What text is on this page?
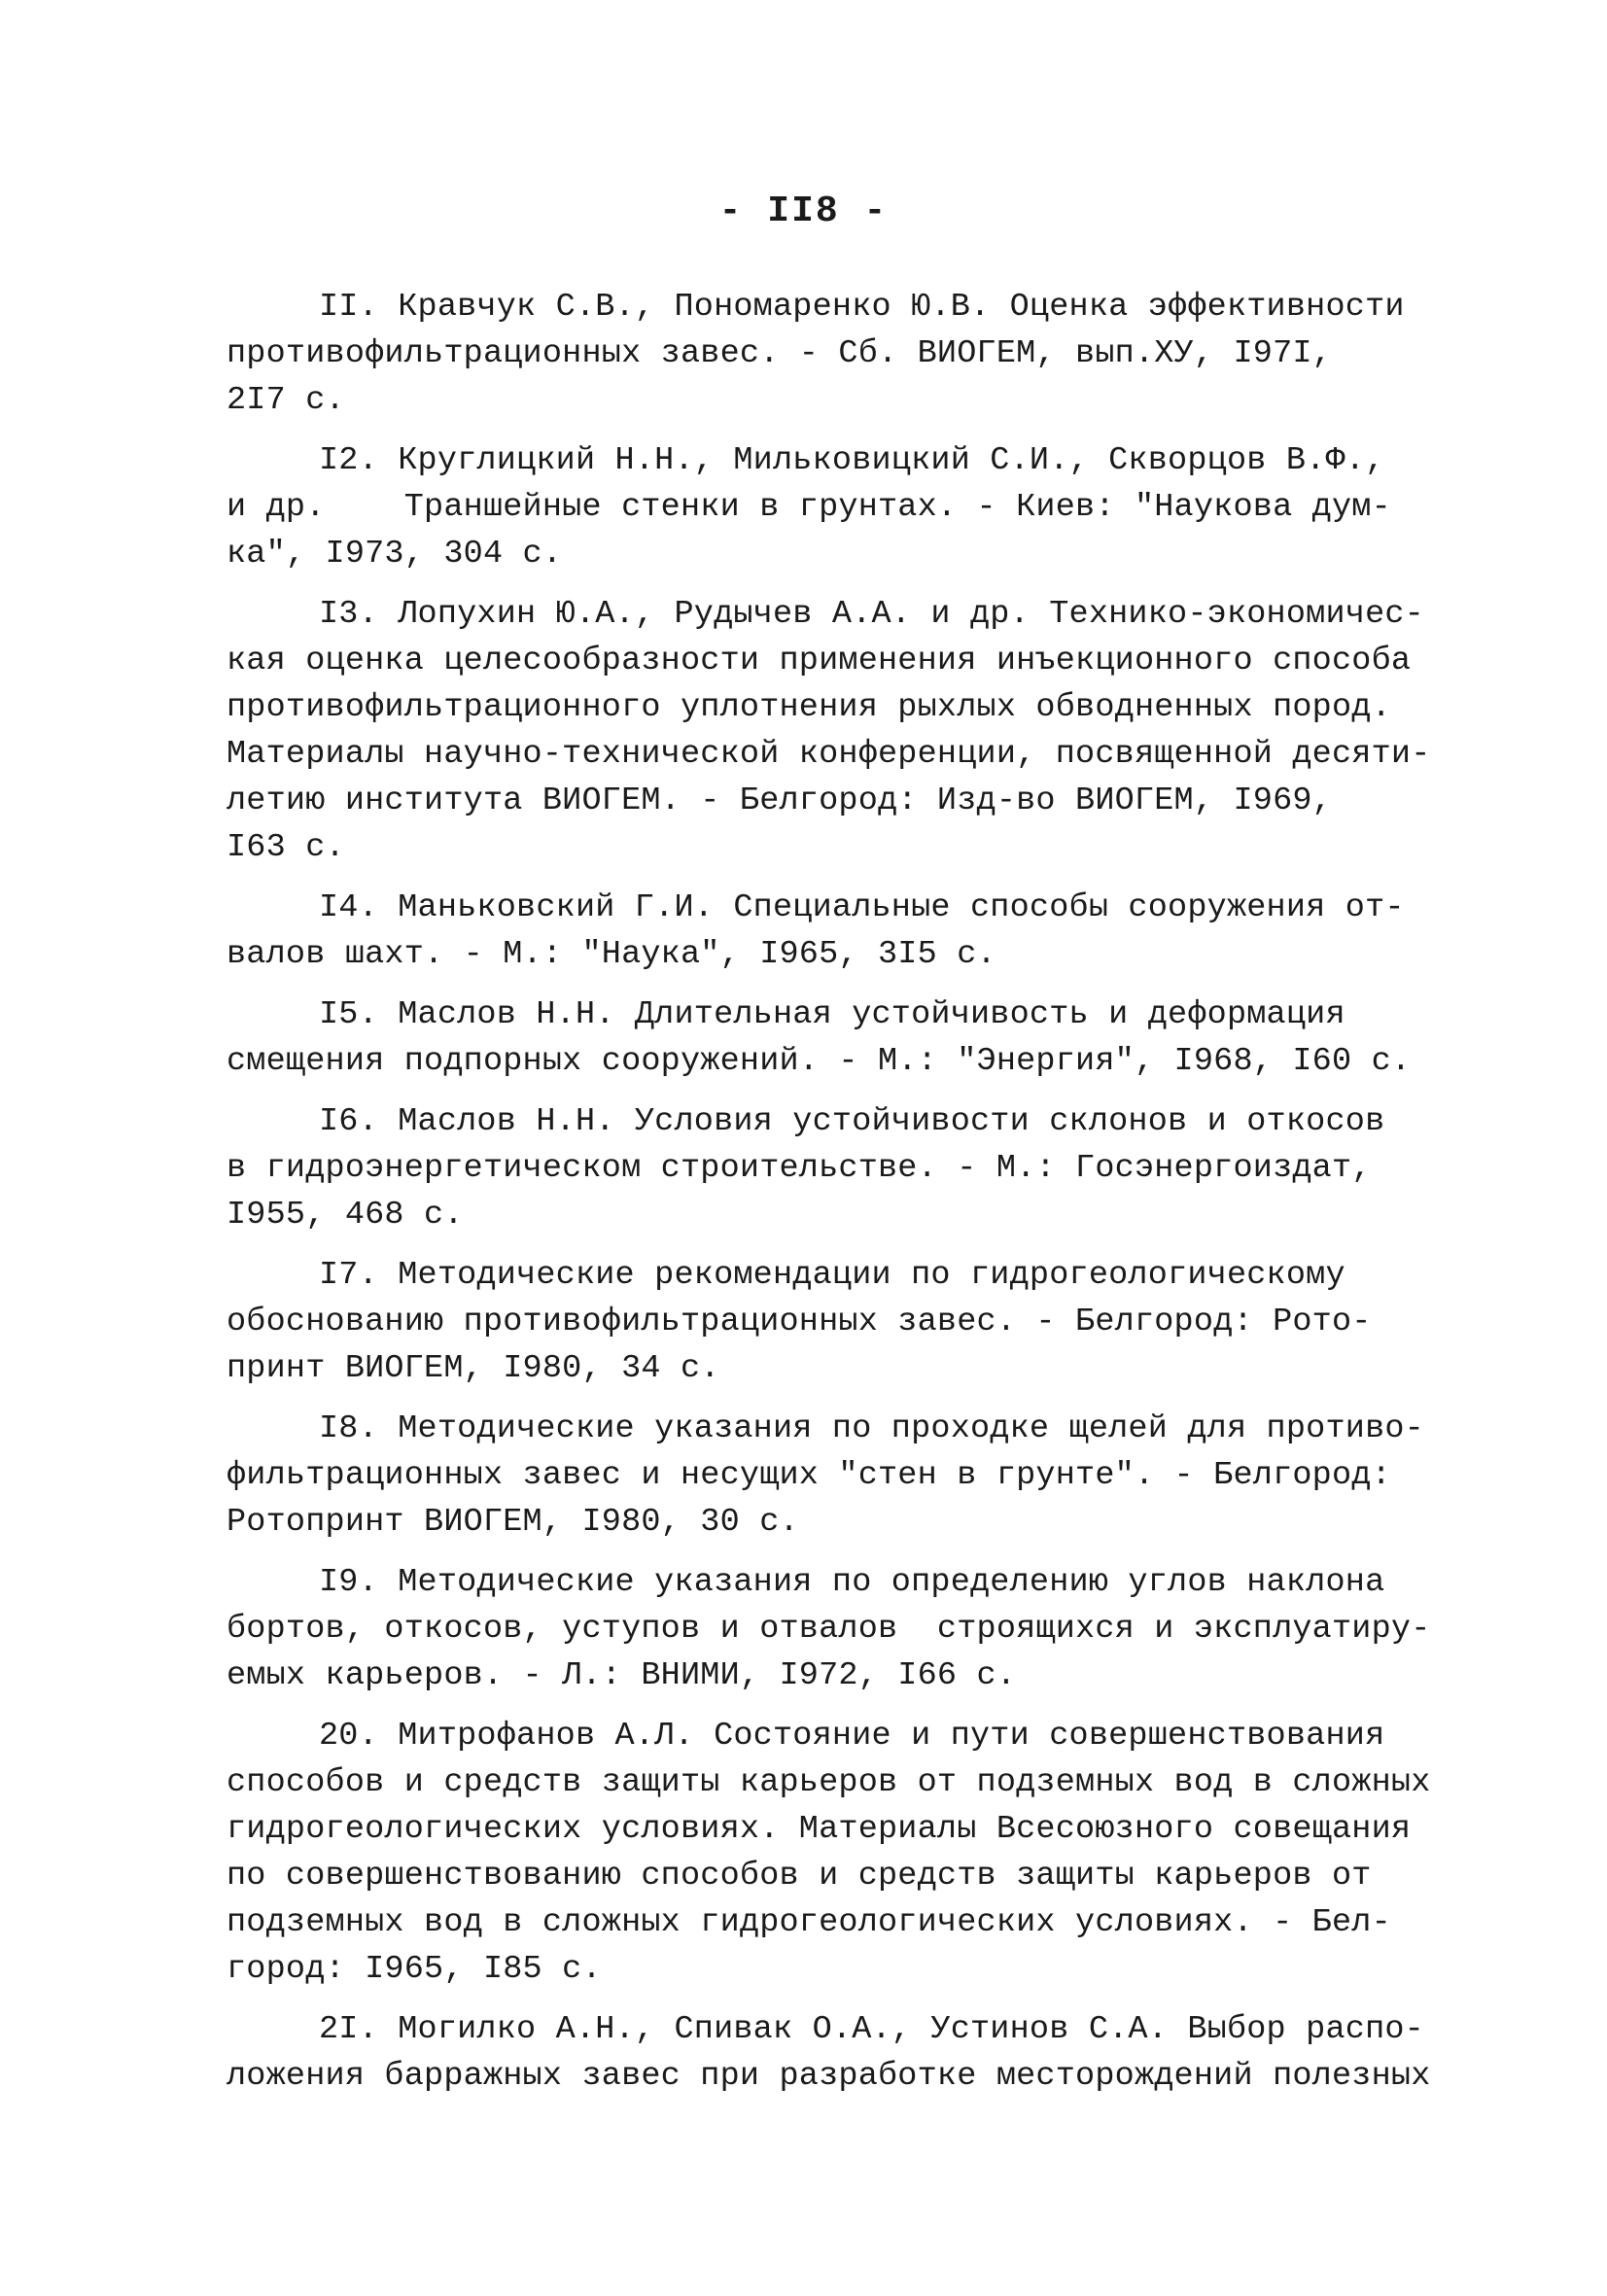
- II8 -

II. Кравчук С.В., Пономаренко Ю.В. Оценка эффективности

противофильтрационных завес. - Сб. ВИОГЕМ, вып.ХУ, I97I,

2I7 с.

I2. Круглицкий Н.Н., Мильковицкий С.И., Скворцов В.Ф.,

и др.    Траншейные стенки в грунтах. - Киев: "Наукова дум-

ка", I973, 304 с.

I3. Лопухин Ю.А., Рудычев А.А. и др. Технико-экономичес-

кая оценка целесообразности применения инъекционного способа

противофильтрационного уплотнения рыхлых обводненных пород.

Материалы научно-технической конференции, посвященной десяти-

летию института ВИОГЕМ. - Белгород: Изд-во ВИОГЕМ, I969,

I63 с.

I4. Маньковский Г.И. Специальные способы сооружения от-

валов шахт. - М.: "Наука", I965, 3I5 с.

I5. Маслов Н.Н. Длительная устойчивость и деформация

смещения подпорных сооружений. - М.: "Энергия", I968, I60 с.

I6. Маслов Н.Н. Условия устойчивости склонов и откосов

в гидроэнергетическом строительстве. - М.: Госэнергоиздат,

I955, 468 с.

I7. Методические рекомендации по гидрогеологическому

обоснованию противофильтрационных завес. - Белгород: Рото-

принт ВИОГЕМ, I980, 34 с.

I8. Методические указания по проходке щелей для противо-

фильтрационных завес и несущих "стен в грунте". - Белгород:

Ротопринт ВИОГЕМ, I980, 30 с.

I9. Методические указания по определению углов наклона

бортов, откосов, уступов и отвалов  строящихся и эксплуатиру-

емых карьеров. - Л.: ВНИМИ, I972, I66 с.

20. Митрофанов А.Л. Состояние и пути совершенствования

способов и средств защиты карьеров от подземных вод в сложных

гидрогеологических условиях. Материалы Всесоюзного совещания

по совершенствованию способов и средств защиты карьеров от

подземных вод в сложных гидрогеологических условиях. - Бел-

город: I965, I85 с.

2I. Могилко А.Н., Спивак О.А., Устинов С.А. Выбор распо-

ложения барражных завес при разработке месторождений полезных
